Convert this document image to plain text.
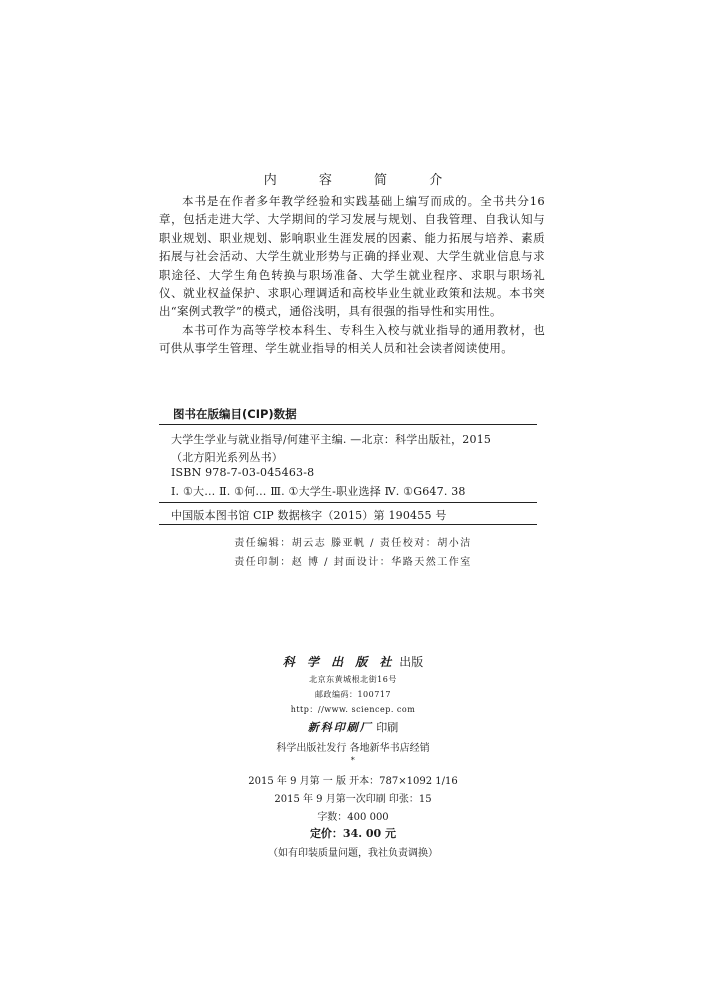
内 容 简 介

本书是在作者多年教学经验和实践基础上编写而成的。全书共分16章，包括走进大学、大学期间的学习发展与规划、自我管理、自我认知与职业规划、职业规划、影响职业生涯发展的因素、能力拓展与培养、素质拓展与社会活动、大学生就业形势与正确的择业观、大学生就业信息与求职途径、大学生角色转换与职场准备、大学生就业程序、求职与职场礼仪、就业权益保护、求职心理调适和高校毕业生就业政策和法规。本书突出“案例式教学”的模式，通俗浅明，具有很强的指导性和实用性。

本书可作为高等学校本科生、专科生入校与就业指导的通用教材，也可供从事学生管理、学生就业指导的相关人员和社会读者阅读使用。

图书在版编目(CIP)数据
大学生学业与就业指导/何建平主编. —北京：科学出版社，2015
（北方阳光系列丛书）
ISBN 978-7-03-045463-8
Ⅰ. ①大… Ⅱ. ①何… Ⅲ. ①大学生-职业选择 Ⅳ. ①G647. 38
中国版本图书馆 CIP 数据核字（2015）第 190455 号
责任编辑：胡云志 滕亚帆 / 责任校对：胡小洁
责任印制：赵 博 / 封面设计：华路天然工作室
科 学 出 版 社 出版
北京东黄城根北街16号
邮政编码：100717
http：//www. sciencep. com
新科印刷厂 印刷
科学出版社发行 各地新华书店经销
*
2015 年 9 月第 一 版 开本：787×1092 1/16
2015 年 9 月第一次印刷 印张：15
字数：400 000
定价：34. 00 元
（如有印装质量问题，我社负责调换）
